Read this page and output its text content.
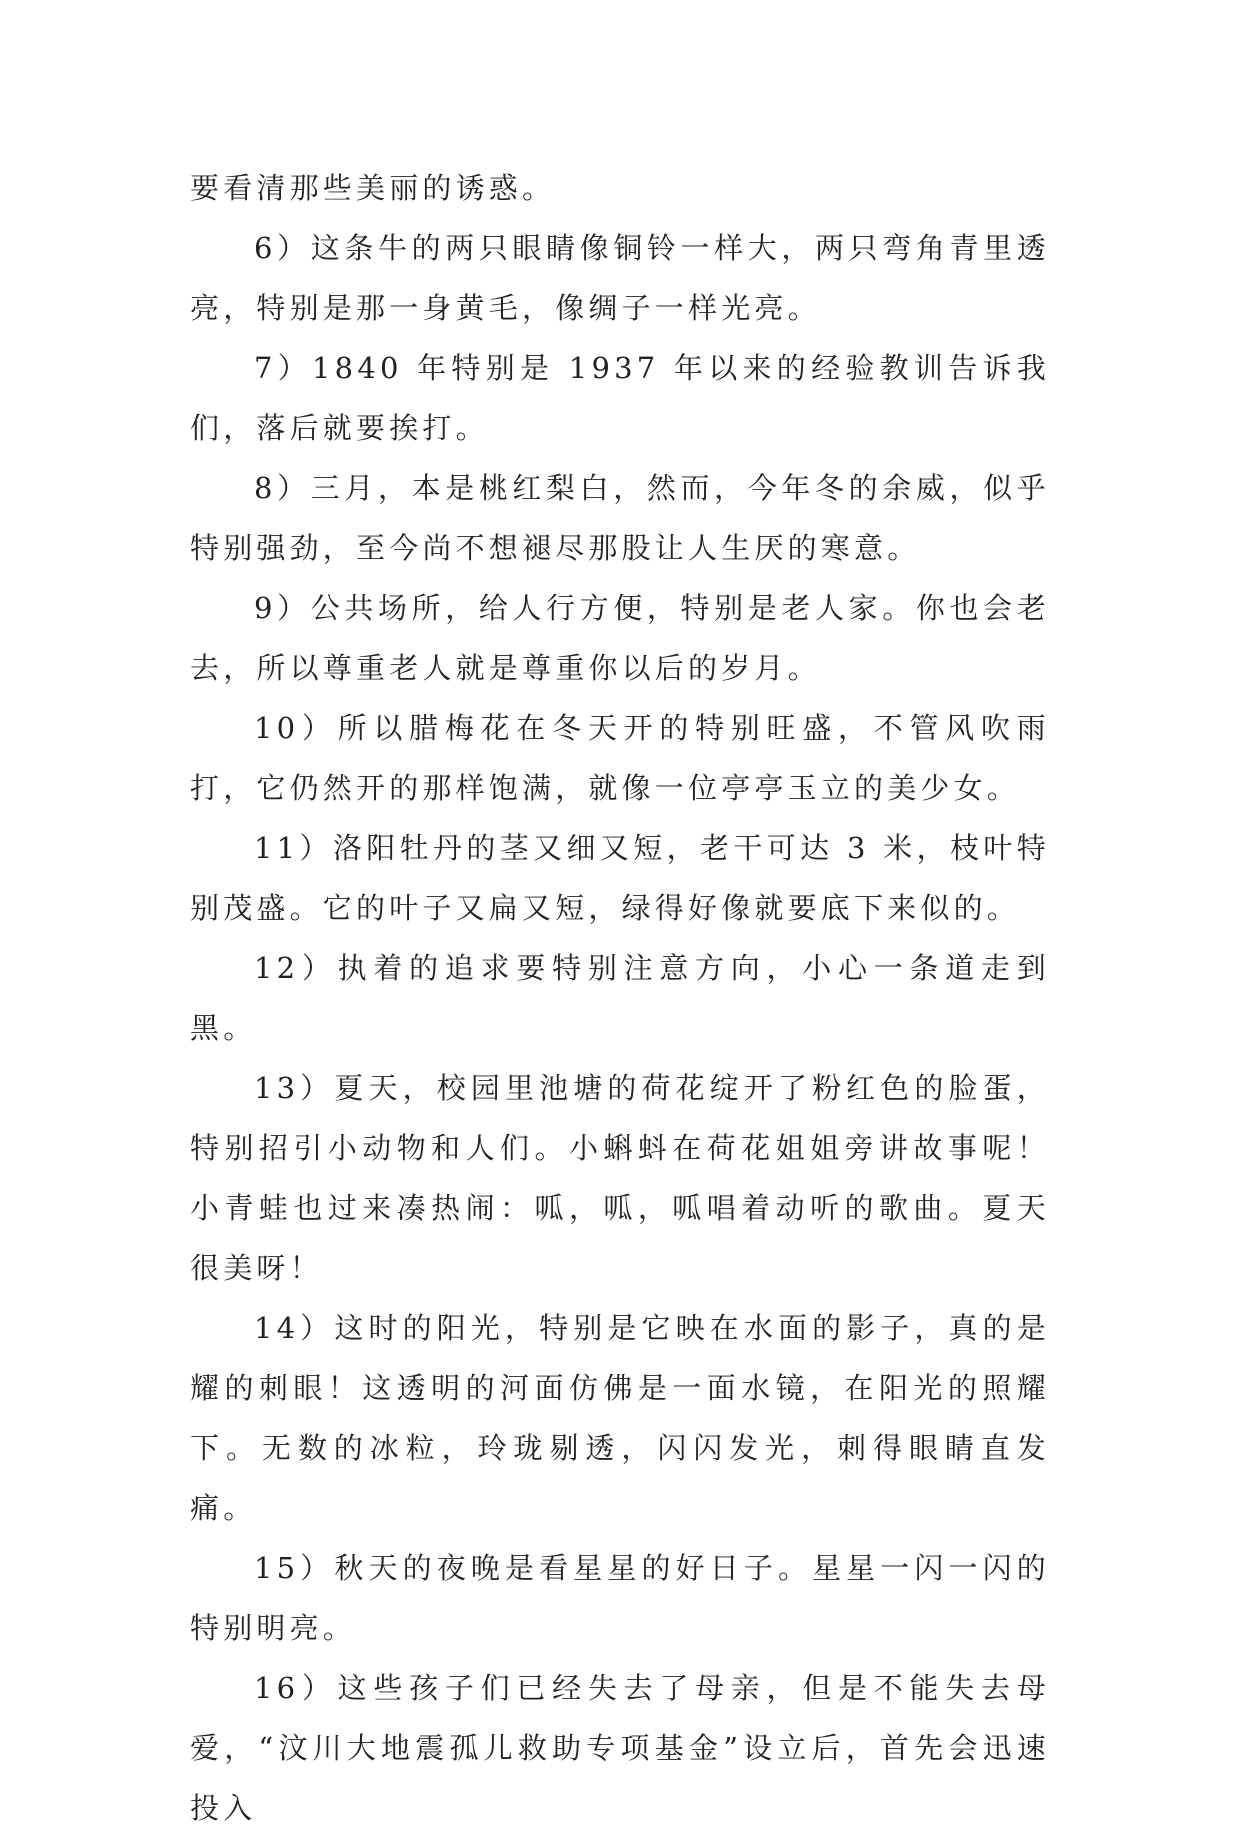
要看清那些美丽的诱惑。

6）这条牛的两只眼睛像铜铃一样大，两只弯角青里透亮，特别是那一身黄毛，像绸子一样光亮。

7）1840 年特别是 1937 年以来的经验教训告诉我们，落后就要挨打。

8）三月，本是桃红梨白，然而，今年冬的余威，似乎特别强劲，至今尚不想褪尽那股让人生厌的寒意。

9）公共场所，给人行方便，特别是老人家。你也会老去，所以尊重老人就是尊重你以后的岁月。

10）所以腊梅花在冬天开的特别旺盛，不管风吹雨打，它仍然开的那样饱满，就像一位亭亭玉立的美少女。

11）洛阳牡丹的茎又细又短，老干可达 3 米，枝叶特别茂盛。它的叶子又扁又短，绿得好像就要底下来似的。

12）执着的追求要特别注意方向，小心一条道走到黑。

13）夏天，校园里池塘的荷花绽开了粉红色的脸蛋，特别招引小动物和人们。小蝌蚪在荷花姐姐旁讲故事呢！小青蛙也过来凑热闹：呱，呱，呱唱着动听的歌曲。夏天很美呀！

14）这时的阳光，特别是它映在水面的影子，真的是耀的刺眼！这透明的河面仿佛是一面水镜，在阳光的照耀下。无数的冰粒，玲珑剔透，闪闪发光，刺得眼睛直发痛。

15）秋天的夜晚是看星星的好日子。星星一闪一闪的特别明亮。

16）这些孩子们已经失去了母亲，但是不能失去母爱，“汶川大地震孤儿救助专项基金”设立后，首先会迅速投入
